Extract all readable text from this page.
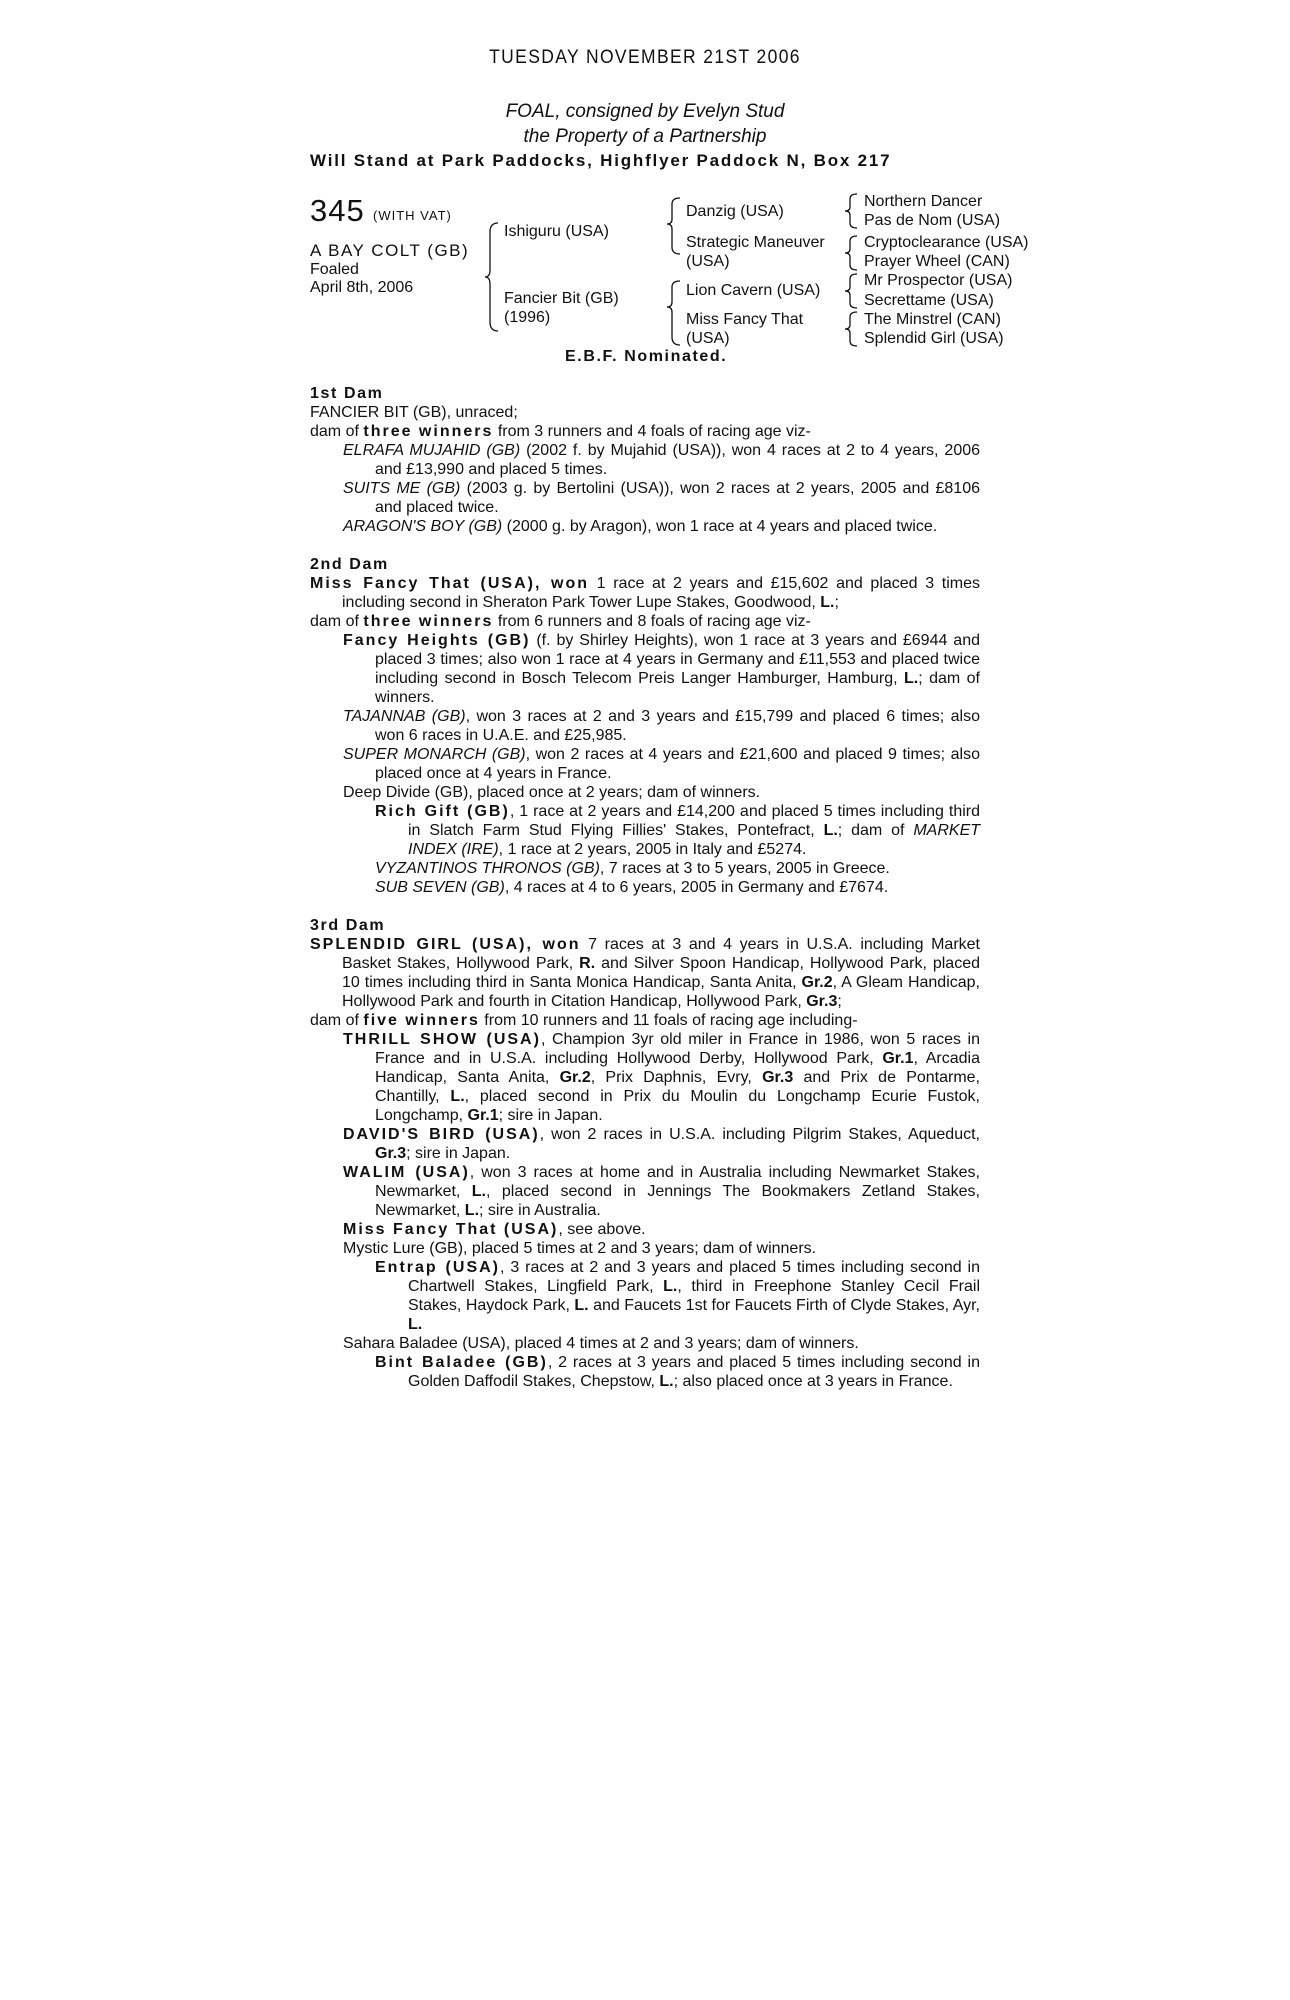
TUESDAY NOVEMBER 21ST 2006
FOAL, consigned by Evelyn Stud
the Property of a Partnership
Will Stand at Park Paddocks, Highflyer Paddock N, Box 217
345 (WITH VAT)
A BAY COLT (GB)
Foaled
April 8th, 2006
Ishiguru (USA)
Fancier Bit (GB)
(1996)
Danzig (USA)
Strategic Maneuver
(USA)
Lion Cavern (USA)
Miss Fancy That
(USA)
Northern Dancer
Pas de Nom (USA)
Cryptoclearance (USA)
Prayer Wheel (CAN)
Mr Prospector (USA)
Secrettame (USA)
The Minstrel (CAN)
Splendid Girl (USA)
E.B.F. Nominated.
1st Dam
FANCIER BIT (GB), unraced;
dam of three winners from 3 runners and 4 foals of racing age viz-
ELRAFA MUJAHID (GB) (2002 f. by Mujahid (USA)), won 4 races at 2 to 4 years, 2006 and £13,990 and placed 5 times.
SUITS ME (GB) (2003 g. by Bertolini (USA)), won 2 races at 2 years, 2005 and £8106 and placed twice.
ARAGON'S BOY (GB) (2000 g. by Aragon), won 1 race at 4 years and placed twice.
2nd Dam
Miss Fancy That (USA), won 1 race at 2 years and £15,602 and placed 3 times including second in Sheraton Park Tower Lupe Stakes, Goodwood, L.;
dam of three winners from 6 runners and 8 foals of racing age viz-
Fancy Heights (GB) (f. by Shirley Heights), won 1 race at 3 years and £6944 and placed 3 times; also won 1 race at 4 years in Germany and £11,553 and placed twice including second in Bosch Telecom Preis Langer Hamburger, Hamburg, L.; dam of winners.
TAJANNAB (GB), won 3 races at 2 and 3 years and £15,799 and placed 6 times; also won 6 races in U.A.E. and £25,985.
SUPER MONARCH (GB), won 2 races at 4 years and £21,600 and placed 9 times; also placed once at 4 years in France.
Deep Divide (GB), placed once at 2 years; dam of winners.
Rich Gift (GB), 1 race at 2 years and £14,200 and placed 5 times including third in Slatch Farm Stud Flying Fillies' Stakes, Pontefract, L.; dam of MARKET INDEX (IRE), 1 race at 2 years, 2005 in Italy and £5274.
VYZANTINOS THRONOS (GB), 7 races at 3 to 5 years, 2005 in Greece.
SUB SEVEN (GB), 4 races at 4 to 6 years, 2005 in Germany and £7674.
3rd Dam
SPLENDID GIRL (USA), won 7 races at 3 and 4 years in U.S.A. including Market Basket Stakes, Hollywood Park, R. and Silver Spoon Handicap, Hollywood Park, placed 10 times including third in Santa Monica Handicap, Santa Anita, Gr.2, A Gleam Handicap, Hollywood Park and fourth in Citation Handicap, Hollywood Park, Gr.3;
dam of five winners from 10 runners and 11 foals of racing age including-
THRILL SHOW (USA), Champion 3yr old miler in France in 1986, won 5 races in France and in U.S.A. including Hollywood Derby, Hollywood Park, Gr.1, Arcadia Handicap, Santa Anita, Gr.2, Prix Daphnis, Evry, Gr.3 and Prix de Pontarme, Chantilly, L., placed second in Prix du Moulin du Longchamp Ecurie Fustok, Longchamp, Gr.1; sire in Japan.
DAVID'S BIRD (USA), won 2 races in U.S.A. including Pilgrim Stakes, Aqueduct, Gr.3; sire in Japan.
WALIM (USA), won 3 races at home and in Australia including Newmarket Stakes, Newmarket, L., placed second in Jennings The Bookmakers Zetland Stakes, Newmarket, L.; sire in Australia.
Miss Fancy That (USA), see above.
Mystic Lure (GB), placed 5 times at 2 and 3 years; dam of winners.
Entrap (USA), 3 races at 2 and 3 years and placed 5 times including second in Chartwell Stakes, Lingfield Park, L., third in Freephone Stanley Cecil Frail Stakes, Haydock Park, L. and Faucets 1st for Faucets Firth of Clyde Stakes, Ayr, L.
Sahara Baladee (USA), placed 4 times at 2 and 3 years; dam of winners.
Bint Baladee (GB), 2 races at 3 years and placed 5 times including second in Golden Daffodil Stakes, Chepstow, L.; also placed once at 3 years in France.
